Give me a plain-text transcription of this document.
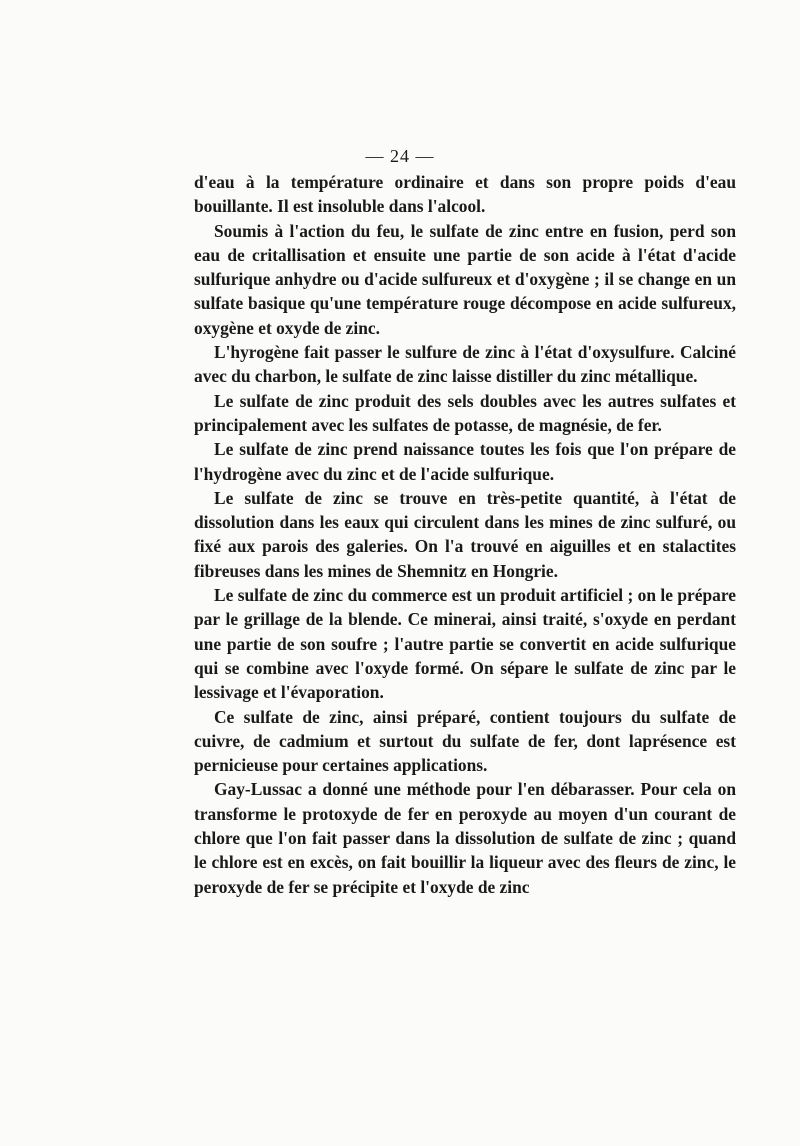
— 24 —

d'eau à la température ordinaire et dans son propre poids d'eau bouillante. Il est insoluble dans l'alcool.

Soumis à l'action du feu, le sulfate de zinc entre en fusion, perd son eau de critallisation et ensuite une partie de son acide à l'état d'acide sulfurique anhydre ou d'acide sulfureux et d'oxygène ; il se change en un sulfate basique qu'une température rouge décompose en acide sulfureux, oxygène et oxyde de zinc.

L'hyrogène fait passer le sulfure de zinc à l'état d'oxysulfure. Calciné avec du charbon, le sulfate de zinc laisse distiller du zinc métallique.

Le sulfate de zinc produit des sels doubles avec les autres sulfates et principalement avec les sulfates de potasse, de magnésie, de fer.

Le sulfate de zinc prend naissance toutes les fois que l'on prépare de l'hydrogène avec du zinc et de l'acide sulfurique.

Le sulfate de zinc se trouve en très-petite quantité, à l'état de dissolution dans les eaux qui circulent dans les mines de zinc sulfuré, ou fixé aux parois des galeries. On l'a trouvé en aiguilles et en stalactites fibreuses dans les mines de Shemnitz en Hongrie.

Le sulfate de zinc du commerce est un produit artificiel ; on le prépare par le grillage de la blende. Ce minerai, ainsi traité, s'oxyde en perdant une partie de son soufre ; l'autre partie se convertit en acide sulfurique qui se combine avec l'oxyde formé. On sépare le sulfate de zinc par le lessivage et l'évaporation.

Ce sulfate de zinc, ainsi préparé, contient toujours du sulfate de cuivre, de cadmium et surtout du sulfate de fer, dont laprésence est pernicieuse pour certaines applications.

Gay-Lussac a donné une méthode pour l'en débarasser. Pour cela on transforme le protoxyde de fer en peroxyde au moyen d'un courant de chlore que l'on fait passer dans la dissolution de sulfate de zinc ; quand le chlore est en excès, on fait bouillir la liqueur avec des fleurs de zinc, le peroxyde de fer se précipite et l'oxyde de zinc
